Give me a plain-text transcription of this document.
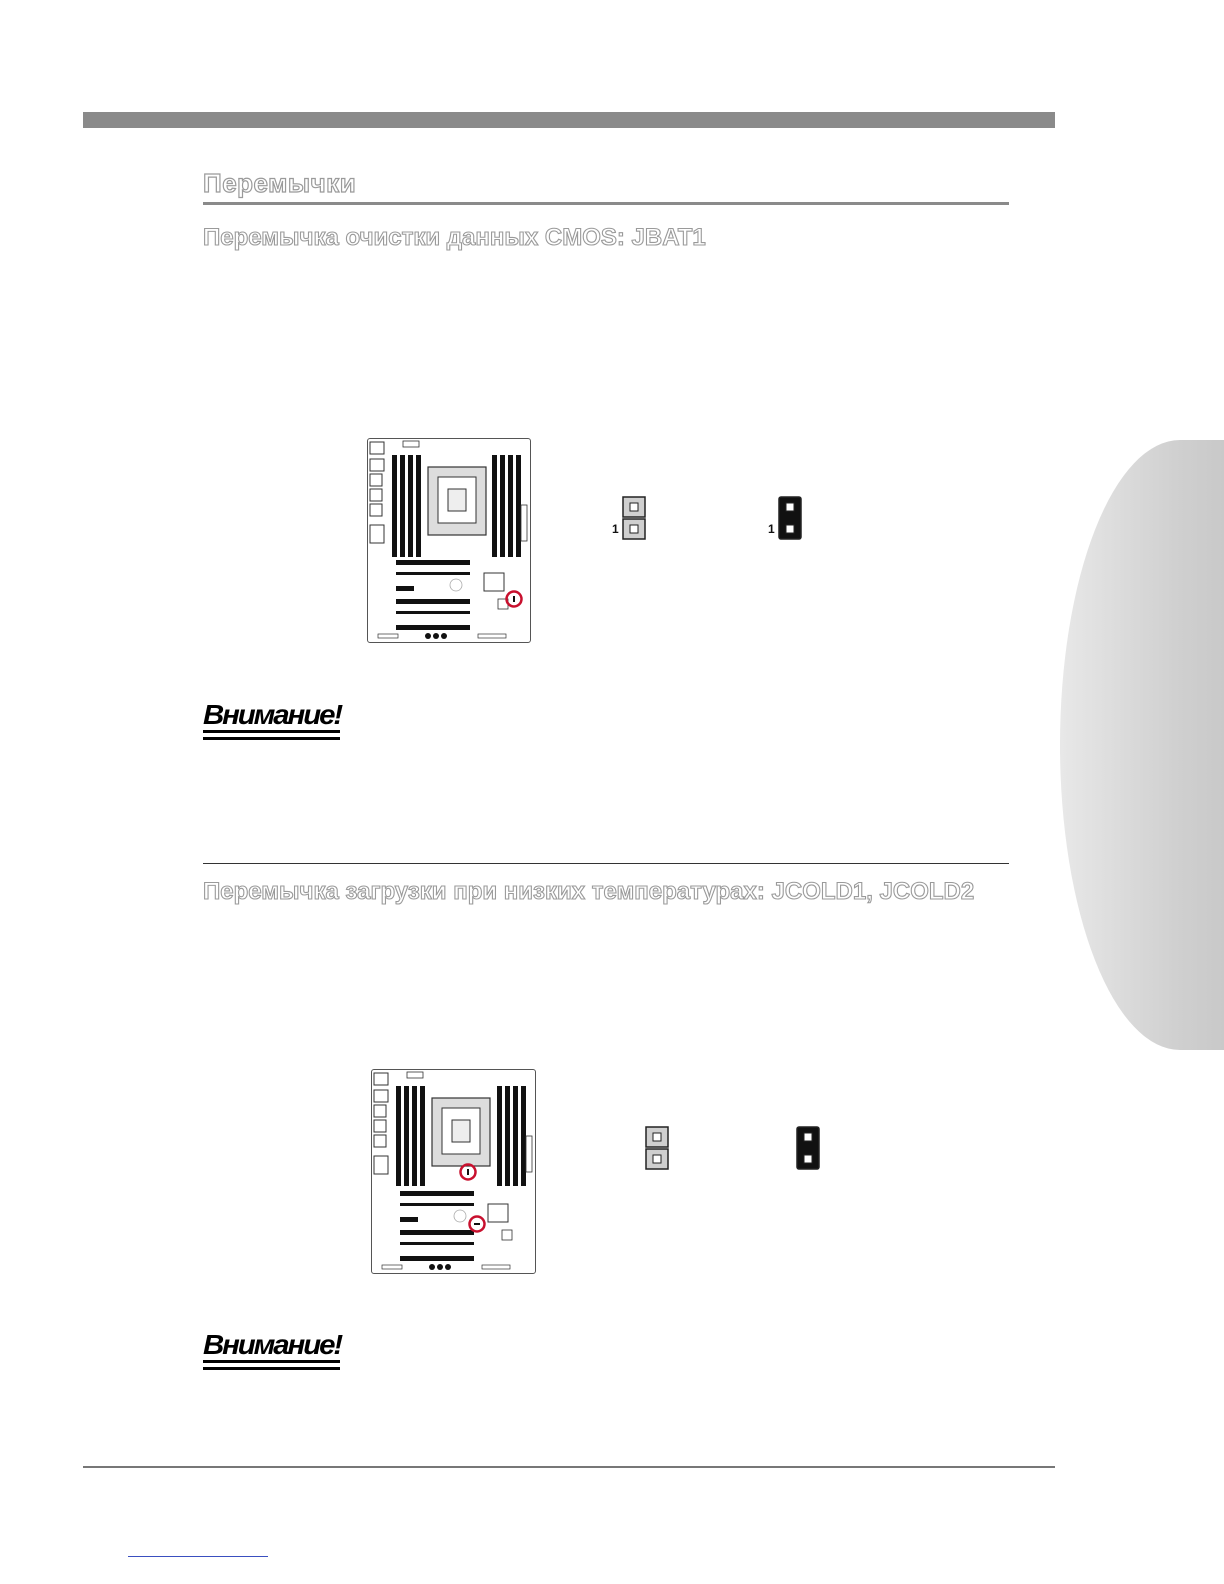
Перемычки
Перемычка очистки данных CMOS: JBAT1
1	1
Внимание!
Перемычка загрузки при низких температурах: JCOLD1, JCOLD2
Внимание!
